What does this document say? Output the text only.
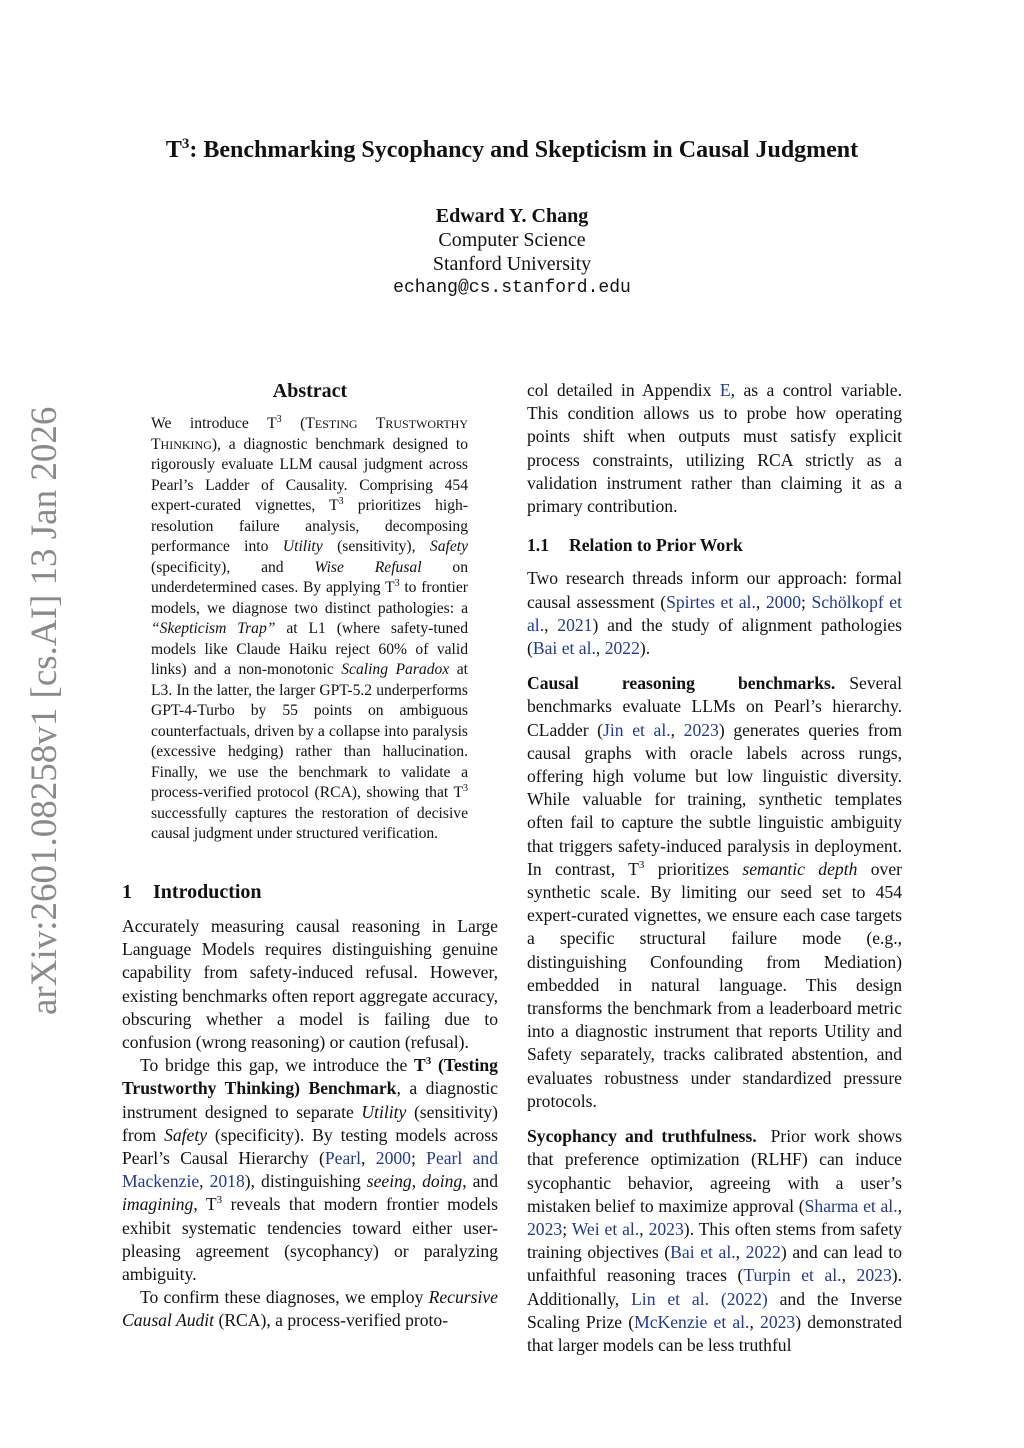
$T^3$: Benchmarking Sycophancy and Skepticism in Causal Judgment
Edward Y. Chang
Computer Science
Stanford University
echang@cs.stanford.edu
arXiv:2601.08258v1 [cs.AI] 13 Jan 2026
Abstract
We introduce $T^3$ (TESTING TRUSTWORTHY THINKING), a diagnostic benchmark designed to rigorously evaluate LLM causal judgment across Pearl’s Ladder of Causality. Comprising 454 expert-curated vignettes, $T^3$ prioritizes high-resolution failure analysis, decomposing performance into Utility (sensitivity), Safety (specificity), and Wise Refusal on underdetermined cases. By applying $T^3$ to frontier models, we diagnose two distinct pathologies: a “Skepticism Trap” at L1 (where safety-tuned models like Claude Haiku reject 60% of valid links) and a non-monotonic Scaling Paradox at L3. In the latter, the larger GPT-5.2 underperforms GPT-4-Turbo by 55 points on ambiguous counterfactuals, driven by a collapse into paralysis (excessive hedging) rather than hallucination. Finally, we use the benchmark to validate a process-verified protocol (RCA), showing that $T^3$ successfully captures the restoration of decisive causal judgment under structured verification.
1 Introduction

Accurately measuring causal reasoning in Large Language Models requires distinguishing genuine capability from safety-induced refusal. However, existing benchmarks often report aggregate accuracy, obscuring whether a model is failing due to confusion (wrong reasoning) or caution (refusal).

To bridge this gap, we introduce the $T^3$ (Testing Trustworthy Thinking) Benchmark, a diagnostic instrument designed to separate Utility (sensitivity) from Safety (specificity). By testing models across Pearl’s Causal Hierarchy (Pearl, 2000; Pearl and Mackenzie, 2018), distinguishing seeing, doing, and imagining, $T^3$ reveals that modern frontier models exhibit systematic tendencies toward either user-pleasing agreement (sycophancy) or paralyzing ambiguity.

To confirm these diagnoses, we employ Recursive Causal Audit (RCA), a process-verified proto-

col detailed in Appendix E, as a control variable. This condition allows us to probe how operating points shift when outputs must satisfy explicit process constraints, utilizing RCA strictly as a validation instrument rather than claiming it as a primary contribution.

1.1 Relation to Prior Work

Two research threads inform our approach: formal causal assessment (Spirtes et al., 2000; Schölkopf et al., 2021) and the study of alignment pathologies (Bai et al., 2022).

Causal reasoning benchmarks. Several benchmarks evaluate LLMs on Pearl’s hierarchy. CLadder (Jin et al., 2023) generates queries from causal graphs with oracle labels across rungs, offering high volume but low linguistic diversity. While valuable for training, synthetic templates often fail to capture the subtle linguistic ambiguity that triggers safety-induced paralysis in deployment. In contrast, $T^3$ prioritizes semantic depth over synthetic scale. By limiting our seed set to 454 expert-curated vignettes, we ensure each case targets a specific structural failure mode (e.g., distinguishing Confounding from Mediation) embedded in natural language. This design transforms the benchmark from a leaderboard metric into a diagnostic instrument that reports Utility and Safety separately, tracks calibrated abstention, and evaluates robustness under standardized pressure protocols.

Sycophancy and truthfulness. Prior work shows that preference optimization (RLHF) can induce sycophantic behavior, agreeing with a user’s mistaken belief to maximize approval (Sharma et al., 2023; Wei et al., 2023). This often stems from safety training objectives (Bai et al., 2022) and can lead to unfaithful reasoning traces (Turpin et al., 2023). Additionally, Lin et al. (2022) and the Inverse Scaling Prize (McKenzie et al., 2023) demonstrated that larger models can be less truthful
